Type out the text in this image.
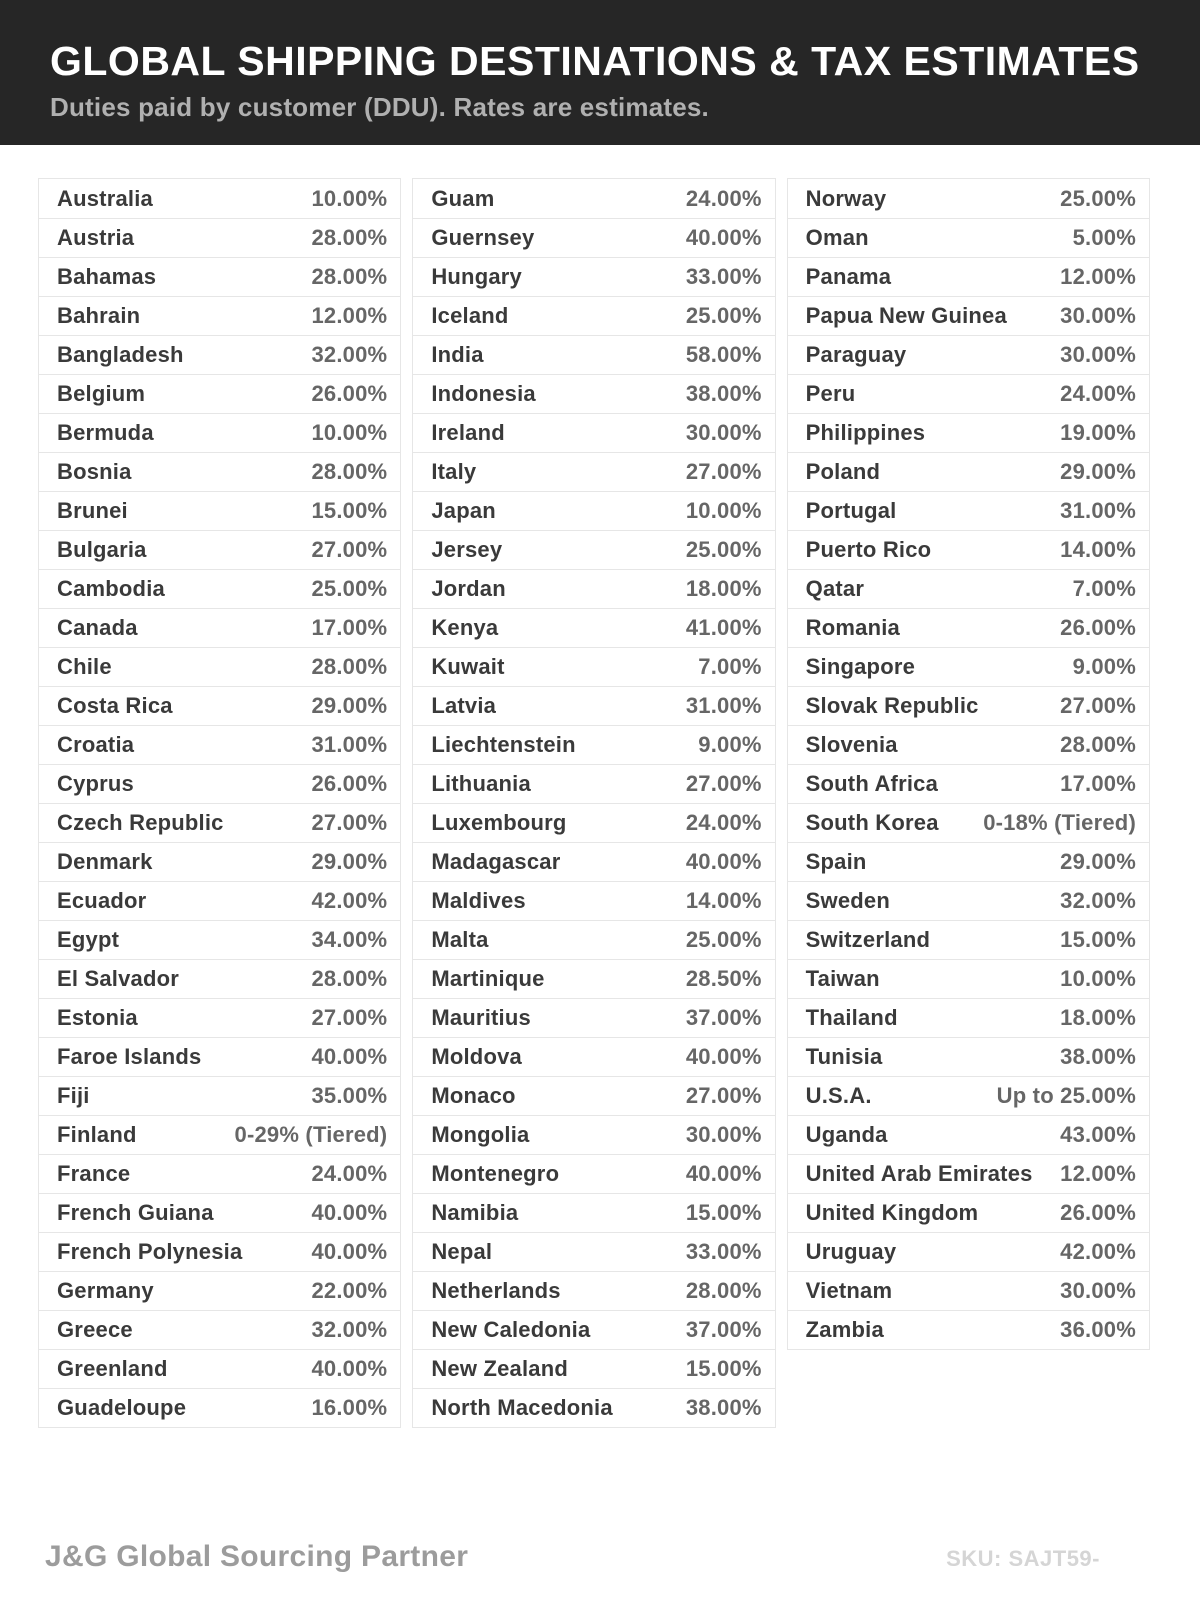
GLOBAL SHIPPING DESTINATIONS & TAX ESTIMATES

Duties paid by customer (DDU). Rates are estimates.

Australia	10.00%
Austria	28.00%
Bahamas	28.00%
Bahrain	12.00%
Bangladesh	32.00%
Belgium	26.00%
Bermuda	10.00%
Bosnia	28.00%
Brunei	15.00%
Bulgaria	27.00%
Cambodia	25.00%
Canada	17.00%
Chile	28.00%
Costa Rica	29.00%
Croatia	31.00%
Cyprus	26.00%
Czech Republic	27.00%
Denmark	29.00%
Ecuador	42.00%
Egypt	34.00%
El Salvador	28.00%
Estonia	27.00%
Faroe Islands	40.00%
Fiji	35.00%
Finland	0-29% (Tiered)
France	24.00%
French Guiana	40.00%
French Polynesia	40.00%
Germany	22.00%
Greece	32.00%
Greenland	40.00%
Guadeloupe	16.00%
Guam	24.00%
Guernsey	40.00%
Hungary	33.00%
Iceland	25.00%
India	58.00%
Indonesia	38.00%
Ireland	30.00%
Italy	27.00%
Japan	10.00%
Jersey	25.00%
Jordan	18.00%
Kenya	41.00%
Kuwait	7.00%
Latvia	31.00%
Liechtenstein	9.00%
Lithuania	27.00%
Luxembourg	24.00%
Madagascar	40.00%
Maldives	14.00%
Malta	25.00%
Martinique	28.50%
Mauritius	37.00%
Moldova	40.00%
Monaco	27.00%
Mongolia	30.00%
Montenegro	40.00%
Namibia	15.00%
Nepal	33.00%
Netherlands	28.00%
New Caledonia	37.00%
New Zealand	15.00%
North Macedonia	38.00%
Norway	25.00%
Oman	5.00%
Panama	12.00%
Papua New Guinea 30.00%
Paraguay	30.00%
Peru	24.00%
Philippines	19.00%
Poland	29.00%
Portugal	31.00%
Puerto Rico	14.00%
Qatar	7.00%
Romania	26.00%
Singapore	9.00%
Slovak Republic	27.00%
Slovenia	28.00%
South Africa	17.00%
South Korea 0-18% (Tiered)
Spain	29.00%
Sweden	32.00%
Switzerland	15.00%
Taiwan	10.00%
Thailand	18.00%
Tunisia	38.00%
U.S.A.	Up to 25.00%
Uganda	43.00%
United Arab Emirates 12.00%
United Kingdom	26.00%
Uruguay	42.00%
Vietnam	30.00%
Zambia	36.00%
J&G Global Sourcing Partner	SKU: SAJT59-
